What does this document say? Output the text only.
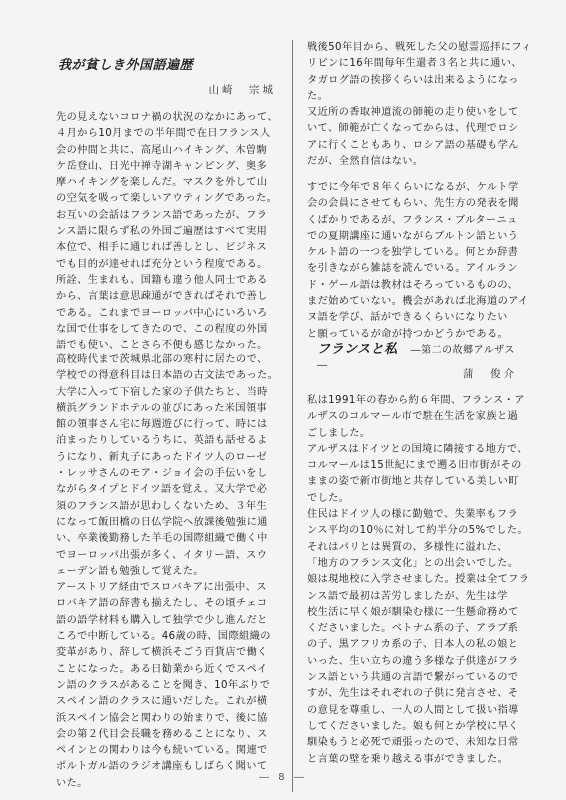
我が貧しき外国語遍歴
山崎　宗城
先の見えないコロナ禍の状況のなかにあって、
４月から10月までの半年間で在日フランス人
会の仲間と共に、高尾山ハイキング、木曽駒
ケ岳登山、日光中禅寺湖キャンピング、奥多
摩ハイキングを楽しんだ。マスクを外して山
の空気を吸って楽しいアウティングであった。
お互いの会話はフランス語であったが、フラ
ンス語に限らず私の外国ご遍歴はすべて実用
本位で、相手に通じれば善しとし、ビジネス
でも目的が達せれば充分という程度である。
所詮、生まれも、国籍も違う他人同士である
から、言葉は意思疎通ができればそれで善し
である。これまでヨーロッパ中心にいろいろ
な国で仕事をしてきたので、この程度の外国
語でも使い、ことさら不便も感じなかった。
高校時代まで茨城県北部の寒村に居たので、
学校での得意科目は日本語の古文法であった。
大学に入って下宿した家の子供たちと、当時
横浜グランドホテルの並びにあった米国領事
館の領事さん宅に毎週遊びに行って、時には
泊まったりしているうちに、英語も話せるよ
うになり、新丸子にあったドイツ人のローゼ
・レッサさんのモア・ジョイ会の手伝いをし
ながらタイプとドイツ語を覚え、又大学で必
須のフランス語が思わしくないため、３年生
になって飯田橋の日仏学院へ放課後勉強に通
い、卒業後勤務した羊毛の国際組織で働く中
でヨーロッパ出張が多く、イタリー語、スウ
ェーデン語も勉強して覚えた。
アーストリア経由でスロバキアに出張中、ス
ロバキア語の辞書も揃えたし、その頃チェコ
語の語学材料も購入して独学で少し進んだと
ころで中断している。46歳の時、国際組織の
変革があり、辞して横浜そごう百貨店で働く
ことになった。ある日勧業から近くでスペイ
ン語のクラスがあることを聞き、10年ぶりで
スペイン語のクラスに通いだした。これが横
浜スペイン協会と関わりの始まりで、後に協
会の第２代目会長職を務めることになり、ス
ペインとの関わりは今も続いている。関連で
ポルトガル語のラジオ講座もしばらく聞いて
いた。
戦後50年目から、戦死した父の慰霊巡拝にフィ
リピンに16年間毎年生還者３名と共に通い、
タガログ語の挨拶くらいは出来るようになっ
た。
又近所の香取神道流の師範の走り使いをして
いて、師範が亡くなってからは、代理でロシ
アに行くこともあり、ロシア語の基礎も学ん
だが、全然自信はない。
すでに今年で８年くらいになるが、ケルト学
会の会員にさせてもらい、先生方の発表を聞
くばかりであるが、フランス・ブルターニュ
での夏期講座に通いながらブルトン語という
ケルト語の一つを独学している。何とか辞書
を引きながら雑誌を読んでいる。アイルラン
ド・ゲール語は教材はそろっているものの、
まだ始めていない。機会があれば北海道のアイ
ヌ語を学び、話ができるくらいになりたい
と願っているが命が持つかどうかである。
フランスと私 ―第二の故郷アルザス―
蒲　俊介
私は1991年の春から約６年間、フランス・ア
ルザスのコルマール市で駐在生活を家族と過
ごしました。
アルザスはドイツとの国境に隣接する地方で、
コルマールは15世紀にまで遡る旧市街がその
ままの姿で新市街地と共存している美しい町
でした。
住民はドイツ人の様に勤勉で、失業率もフラ
ンス平均の10％に対して約半分の5%でした。
それはパリとは異質の、多様性に溢れた、
「地方のフランス文化」との出会いでした。
娘は現地校に入学させました。授業は全てフラ
ンス語で最初は苦労しましたが、先生は学
校生活に早く娘が馴染む様に一生懸命務めて
くださいました。ベトナム系の子、アラブ系
の子、黒アフリカ系の子、日本人の私の娘と
いった、生い立ちの違う多様な子供達がフラ
ンス語という共通の言語で繋がっているので
すが、先生はそれぞれの子供に発言させ、そ
の意見を尊重し、一人の人間として扱い指導
してくださいました。娘も何とか学校に早く
馴染もうと必死で頑張ったので、未知な日常
と言葉の壁を乗り越える事ができました。
― 8 ―
